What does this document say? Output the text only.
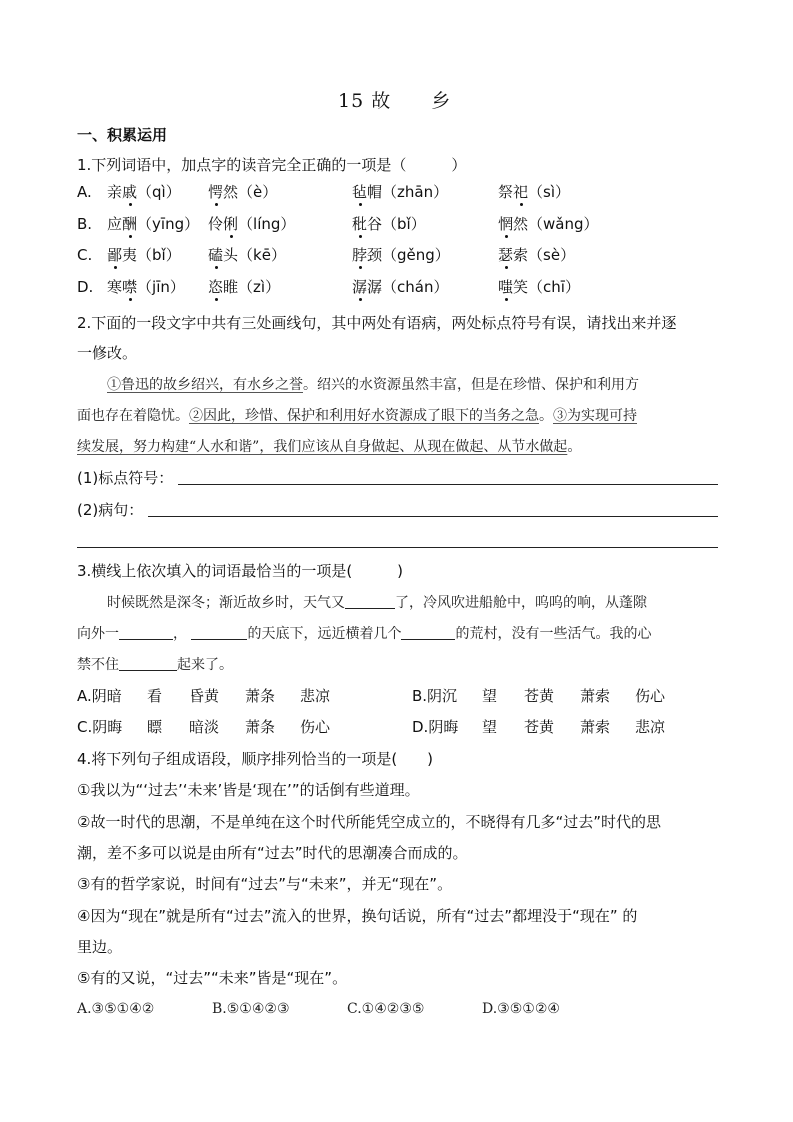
15 故　　乡
一、积累运用
1.下列词语中，加点字的读音完全正确的一项是（　　　）
A. 亲戚（qì） 愕然（è）	毡帽（zhān）	祭祀（sì）
B. 应酬（yīng） 伶俐（líng）	秕谷（bǐ）	惘然（wǎng）
C. 鄙夷（bǐ） 磕头（kē）	脖颈（gěng）	瑟索（sè）
D. 寒噤（jīn） 恣睢（zì）	潺潺（chán）	嗤笑（chī）
2.下面的一段文字中共有三处画线句，其中两处有语病，两处标点符号有误，请找出来并逐
一修改。
①鲁迅的故乡绍兴，有水乡之誉。绍兴的水资源虽然丰富，但是在珍惜、保护和利用方
面也存在着隐忧。②因此，珍惜、保护和利用好水资源成了眼下的当务之急。③为实现可持
续发展，努力构建“人水和谐”，我们应该从自身做起、从现在做起、从节水做起。
(1)标点符号：
(2)病句：
3.横线上依次填入的词语最恰当的一项是(　　　)
时候既然是深冬；渐近故乡时，天气又	了，冷风吹进船舱中，呜呜的响，从蓬隙
向外一	，	的天底下，远近横着几个	的荒村，没有一些活气。我的心
禁不住	起来了。
A.阴暗 看 昏黄 萧条 悲凉	B.阴沉 望 苍黄 萧索 伤心
C.阴晦 瞟 暗淡 萧条 伤心	D.阴晦 望 苍黄 萧索 悲凉
4.将下列句子组成语段，顺序排列恰当的一项是(　　)
①我以为“‘过去’‘未来’皆是‘现在’”的话倒有些道理。
②故一时代的思潮，不是单纯在这个时代所能凭空成立的，不晓得有几多“过去”时代的思
潮，差不多可以说是由所有“过去”时代的思潮凑合而成的。
③有的哲学家说，时间有“过去”与“未来”，并无“现在”。
④因为“现在”就是所有“过去”流入的世界，换句话说，所有“过去”都埋没于“现在” 的
里边。
⑤有的又说，“过去”“未来”皆是“现在”。
A.③⑤①④②	B.⑤①④②③	C.①④②③⑤	D.③⑤①②④
